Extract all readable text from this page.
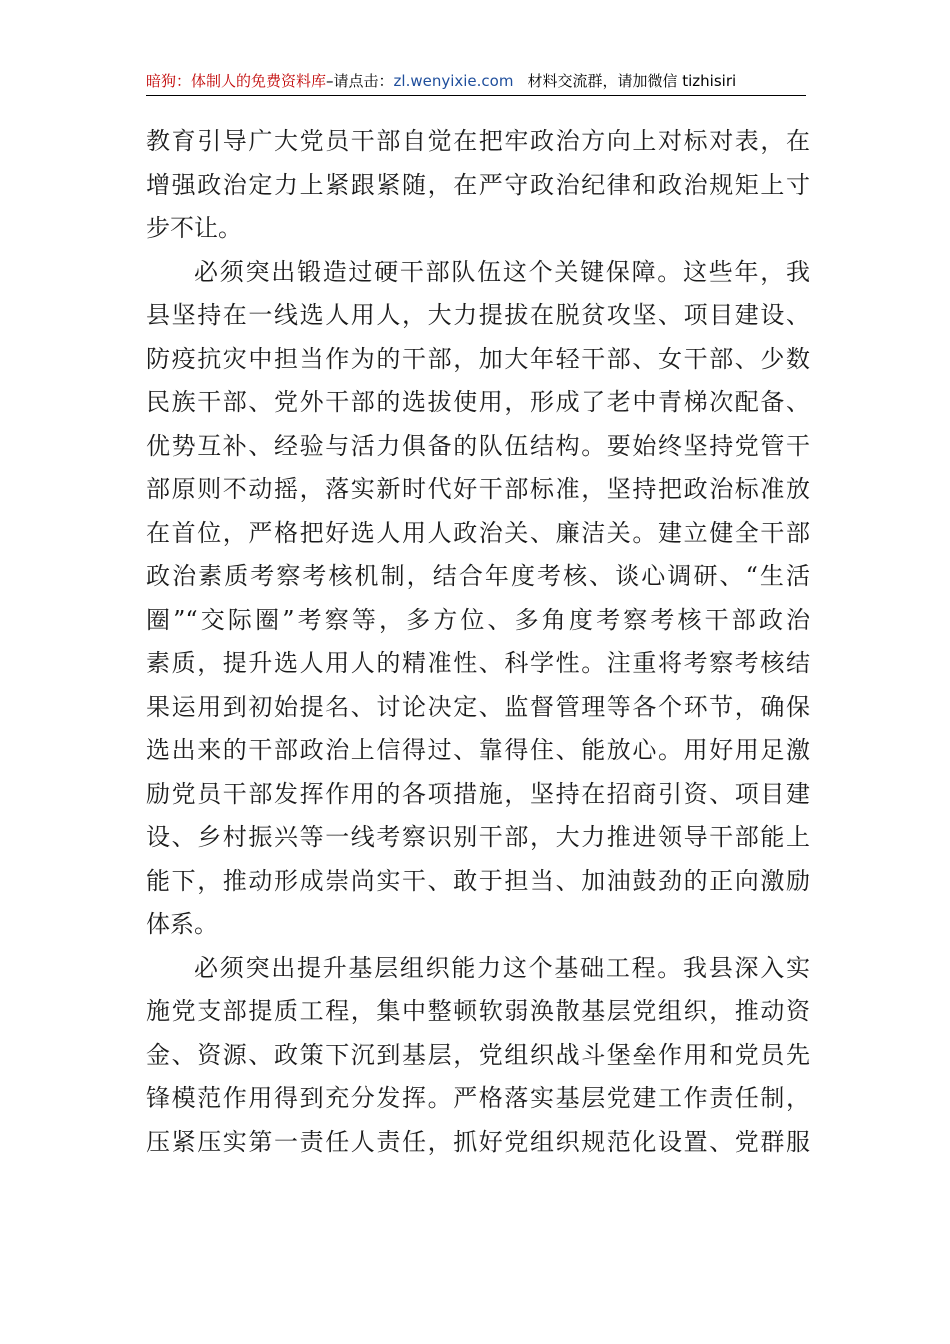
暗狗：体制人的免费资料库–请点击：zl.wenyixie.com 材料交流群，请加微信 tizhisiri

教育引导广大党员干部自觉在把牢政治方向上对标对表，在
增强政治定力上紧跟紧随，在严守政治纪律和政治规矩上寸
步不让。

必须突出锻造过硬干部队伍这个关键保障。这些年，我
县坚持在一线选人用人，大力提拔在脱贫攻坚、项目建设、
防疫抗灾中担当作为的干部，加大年轻干部、女干部、少数
民族干部、党外干部的选拔使用，形成了老中青梯次配备、
优势互补、经验与活力俱备的队伍结构。要始终坚持党管干
部原则不动摇，落实新时代好干部标准，坚持把政治标准放
在首位，严格把好选人用人政治关、廉洁关。建立健全干部
政治素质考察考核机制，结合年度考核、谈心调研、“生活
圈”“交际圈”考察等，多方位、多角度考察考核干部政治
素质，提升选人用人的精准性、科学性。注重将考察考核结
果运用到初始提名、讨论决定、监督管理等各个环节，确保
选出来的干部政治上信得过、靠得住、能放心。用好用足激
励党员干部发挥作用的各项措施，坚持在招商引资、项目建
设、乡村振兴等一线考察识别干部，大力推进领导干部能上
能下，推动形成崇尚实干、敢于担当、加油鼓劲的正向激励
体系。

必须突出提升基层组织能力这个基础工程。我县深入实
施党支部提质工程，集中整顿软弱涣散基层党组织，推动资
金、资源、政策下沉到基层，党组织战斗堡垒作用和党员先
锋模范作用得到充分发挥。严格落实基层党建工作责任制，
压紧压实第一责任人责任，抓好党组织规范化设置、党群服
